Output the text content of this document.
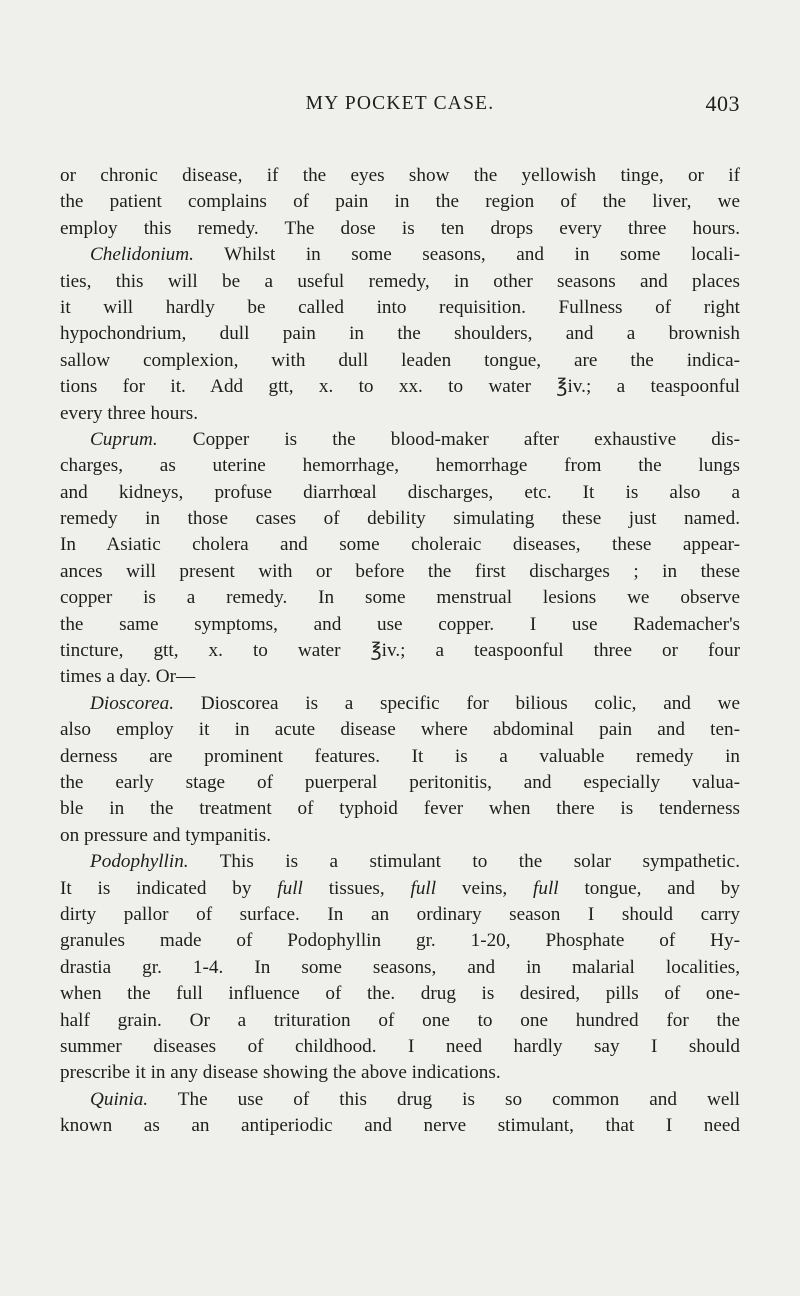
MY POCKET CASE.	403
or chronic disease, if the eyes show the yellowish tinge, or if
the patient complains of pain in the region of the liver, we
employ this remedy. The dose is ten drops every three hours.
Chelidonium. Whilst in some seasons, and in some locali-
ties, this will be a useful remedy, in other seasons and places
it will hardly be called into requisition. Fullness of right
hypochondrium, dull pain in the shoulders, and a brownish
sallow complexion, with dull leaden tongue, are the indica-
tions for it. Add gtt, x. to xx. to water ℥iv.; a teaspoonful
every three hours.
Cuprum. Copper is the blood-maker after exhaustive dis-
charges, as uterine hemorrhage, hemorrhage from the lungs
and kidneys, profuse diarrhœal discharges, etc. It is also a
remedy in those cases of debility simulating these just named.
In Asiatic cholera and some choleraic diseases, these appear-
ances will present with or before the first discharges ; in these
copper is a remedy. In some menstrual lesions we observe
the same symptoms, and use copper. I use Rademacher's
tincture, gtt, x. to water ℥iv.; a teaspoonful three or four
times a day. Or—
Dioscorea. Dioscorea is a specific for bilious colic, and we
also employ it in acute disease where abdominal pain and ten-
derness are prominent features. It is a valuable remedy in
the early stage of puerperal peritonitis, and especially valua-
ble in the treatment of typhoid fever when there is tenderness
on pressure and tympanitis.
Podophyllin. This is a stimulant to the solar sympathetic.
It is indicated by full tissues, full veins, full tongue, and by
dirty pallor of surface. In an ordinary season I should carry
granules made of Podophyllin gr. 1-20, Phosphate of Hy-
drastia gr. 1-4. In some seasons, and in malarial localities,
when the full influence of the. drug is desired, pills of one-
half grain. Or a trituration of one to one hundred for the
summer diseases of childhood. I need hardly say I should
prescribe it in any disease showing the above indications.
Quinia. The use of this drug is so common and well
known as an antiperiodic and nerve stimulant, that I need
